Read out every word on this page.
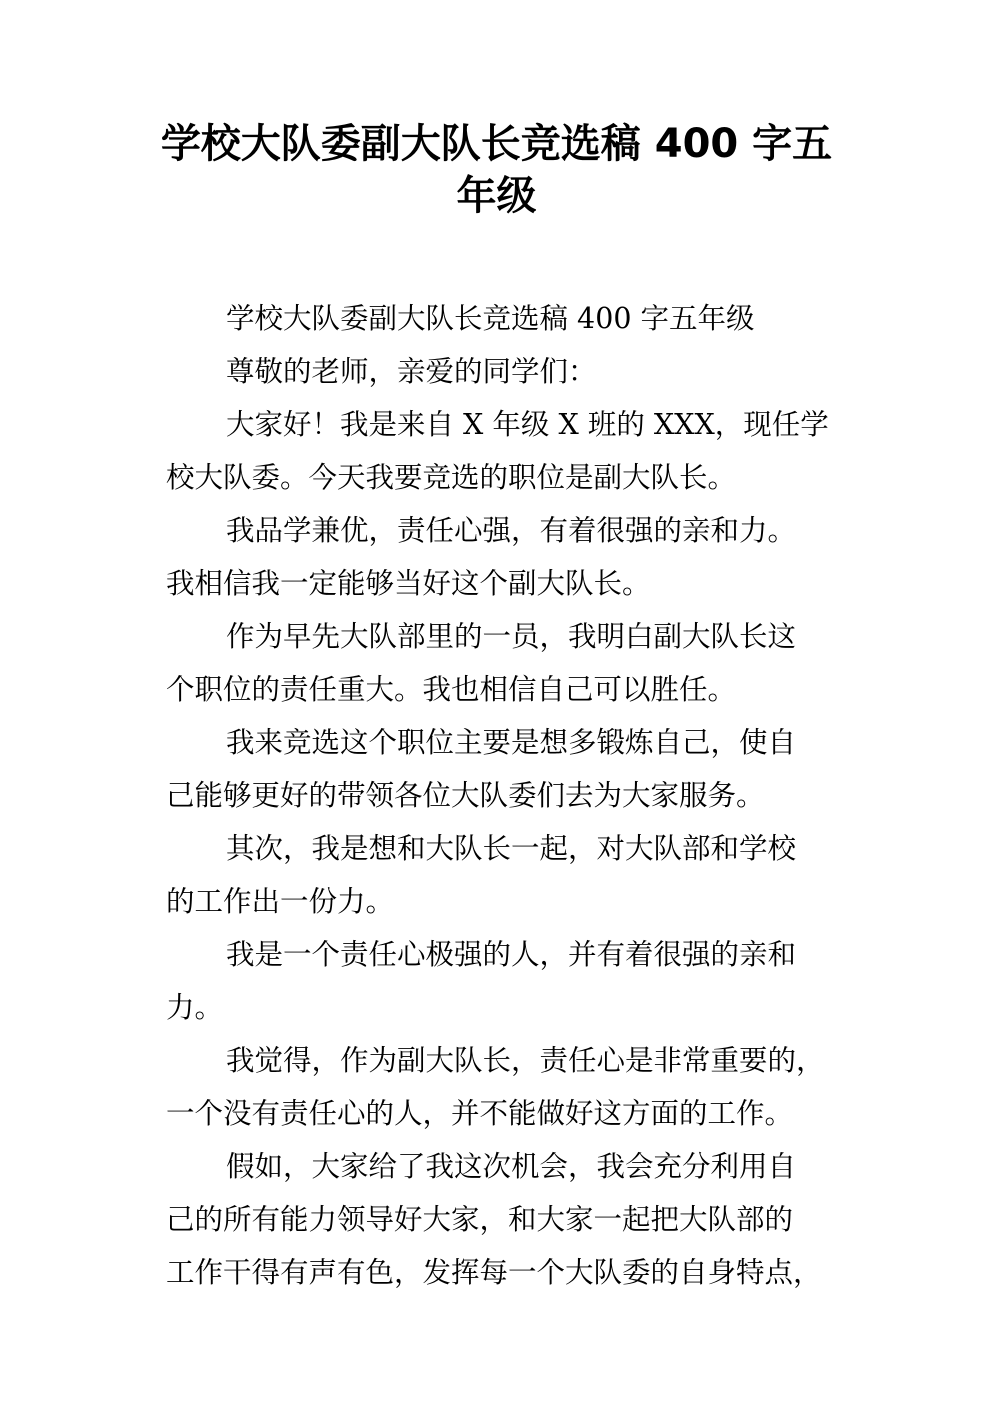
学校大队委副大队长竞选稿 400 字五
年级
学校大队委副大队长竞选稿 400 字五年级
尊敬的老师，亲爱的同学们：
大家好！我是来自 X 年级 X 班的 XXX，现任学
校大队委。今天我要竞选的职位是副大队长。
我品学兼优，责任心强，有着很强的亲和力。
我相信我一定能够当好这个副大队长。
作为早先大队部里的一员，我明白副大队长这
个职位的责任重大。我也相信自己可以胜任。
我来竞选这个职位主要是想多锻炼自己，使自
己能够更好的带领各位大队委们去为大家服务。
其次，我是想和大队长一起，对大队部和学校
的工作出一份力。
我是一个责任心极强的人，并有着很强的亲和
力。
我觉得，作为副大队长，责任心是非常重要的，
一个没有责任心的人，并不能做好这方面的工作。
假如，大家给了我这次机会，我会充分利用自
己的所有能力领导好大家，和大家一起把大队部的
工作干得有声有色，发挥每一个大队委的自身特点，
